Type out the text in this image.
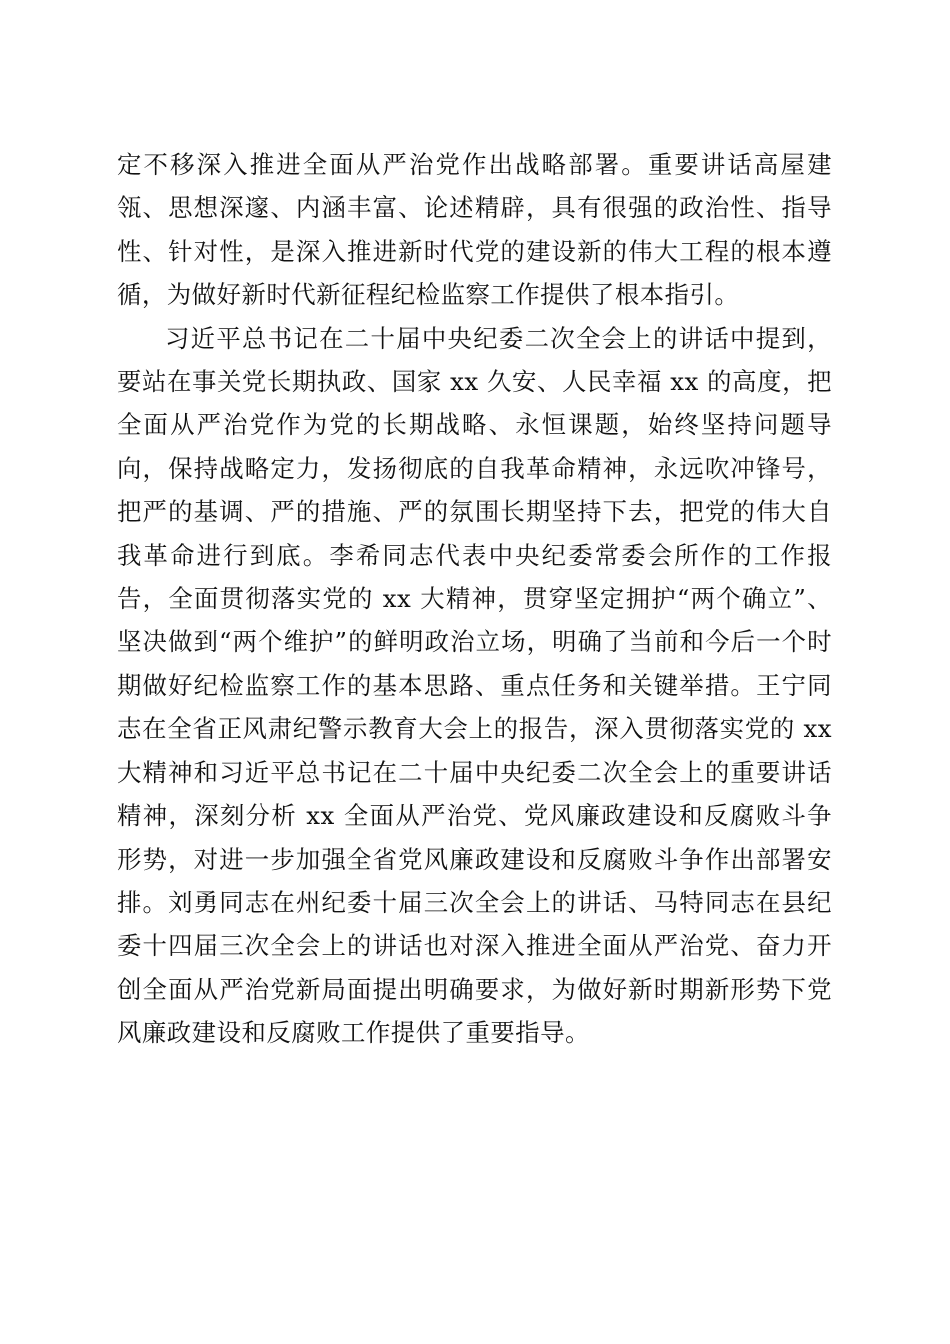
定不移深入推进全面从严治党作出战略部署。重要讲话高屋建瓴、思想深邃、内涵丰富、论述精辟，具有很强的政治性、指导性、针对性，是深入推进新时代党的建设新的伟大工程的根本遵循，为做好新时代新征程纪检监察工作提供了根本指引。

习近平总书记在二十届中央纪委二次全会上的讲话中提到，要站在事关党长期执政、国家 xx 久安、人民幸福 xx 的高度，把全面从严治党作为党的长期战略、永恒课题，始终坚持问题导向，保持战略定力，发扬彻底的自我革命精神，永远吹冲锋号，把严的基调、严的措施、严的氛围长期坚持下去，把党的伟大自我革命进行到底。李希同志代表中央纪委常委会所作的工作报告，全面贯彻落实党的 xx 大精神，贯穿坚定拥护“两个确立”、坚决做到“两个维护”的鲜明政治立场，明确了当前和今后一个时期做好纪检监察工作的基本思路、重点任务和关键举措。王宁同志在全省正风肃纪警示教育大会上的报告，深入贯彻落实党的 xx 大精神和习近平总书记在二十届中央纪委二次全会上的重要讲话精神，深刻分析 xx 全面从严治党、党风廉政建设和反腐败斗争形势，对进一步加强全省党风廉政建设和反腐败斗争作出部署安排。刘勇同志在州纪委十届三次全会上的讲话、马特同志在县纪委十四届三次全会上的讲话也对深入推进全面从严治党、奋力开创全面从严治党新局面提出明确要求，为做好新时期新形势下党风廉政建设和反腐败工作提供了重要指导。
